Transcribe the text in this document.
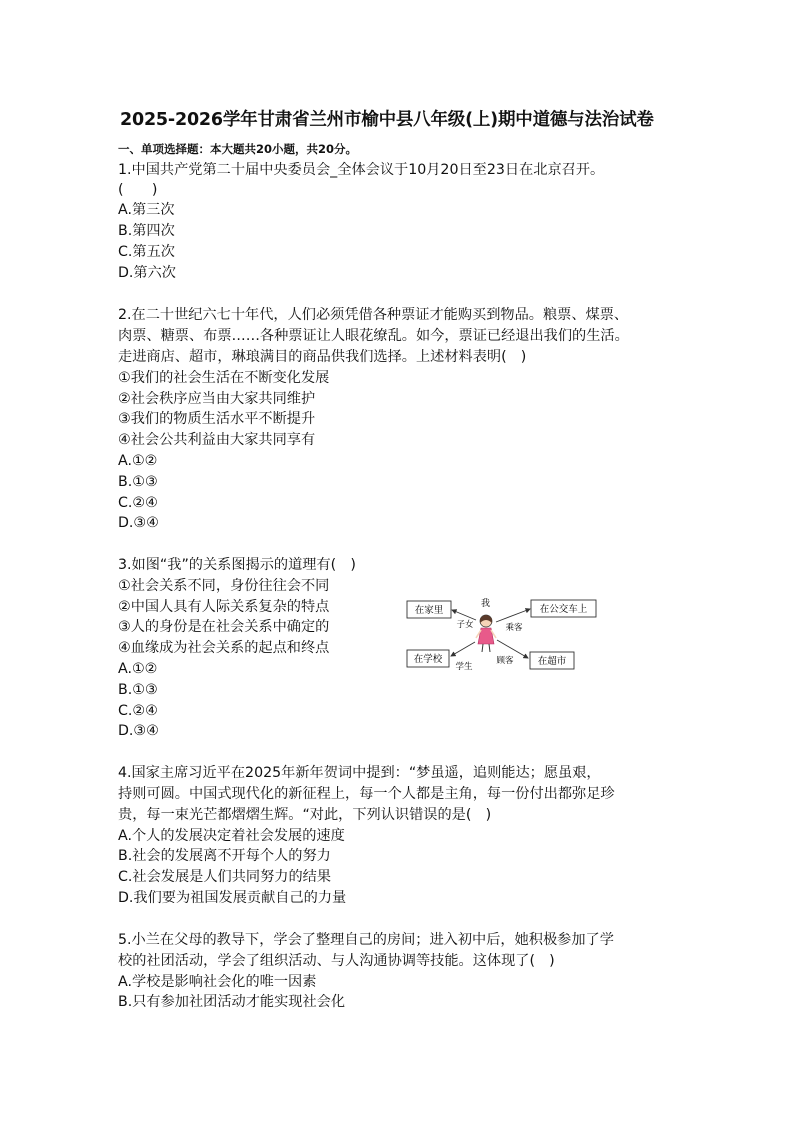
2025-2026学年甘肃省兰州市榆中县八年级(上)期中道德与法治试卷
一、单项选择题：本大题共20小题，共20分。
1.中国共产党第二十届中央委员会_全体会议于10月20日至23日在北京召开。
(　　)
A.第三次
B.第四次
C.第五次
D.第六次
2.在二十世纪六七十年代，人们必须凭借各种票证才能购买到物品。粮票、煤票、
肉票、糖票、布票……各种票证让人眼花缭乱。如今，票证已经退出我们的生活。
走进商店、超市，琳琅满目的商品供我们选择。上述材料表明(　)
①我们的社会生活在不断变化发展
②社会秩序应当由大家共同维护
③我们的物质生活水平不断提升
④社会公共利益由大家共同享有
A.①②
B.①③
C.②④
D.③④
3.如图“我”的关系图揭示的道理有(　)
①社会关系不同，身份往往会不同
②中国人具有人际关系复杂的特点
③人的身份是在社会关系中确定的
④血缘成为社会关系的起点和终点
A.①②
B.①③
C.②④
D.③④
在家里	在公交车上
在学校	在超市
我
子女	乘客
学生
顾客
4.国家主席习近平在2025年新年贺词中提到：“梦虽遥，追则能达；愿虽艰，
持则可圆。中国式现代化的新征程上，每一个人都是主角，每一份付出都弥足珍
贵，每一束光芒都熠熠生辉。“对此，下列认识错误的是(　)
A.个人的发展决定着社会发展的速度
B.社会的发展离不开每个人的努力
C.社会发展是人们共同努力的结果
D.我们要为祖国发展贡献自己的力量
5.小兰在父母的教导下，学会了整理自己的房间；进入初中后，她积极参加了学
校的社团活动，学会了组织活动、与人沟通协调等技能。这体现了(　)
A.学校是影响社会化的唯一因素
B.只有参加社团活动才能实现社会化
